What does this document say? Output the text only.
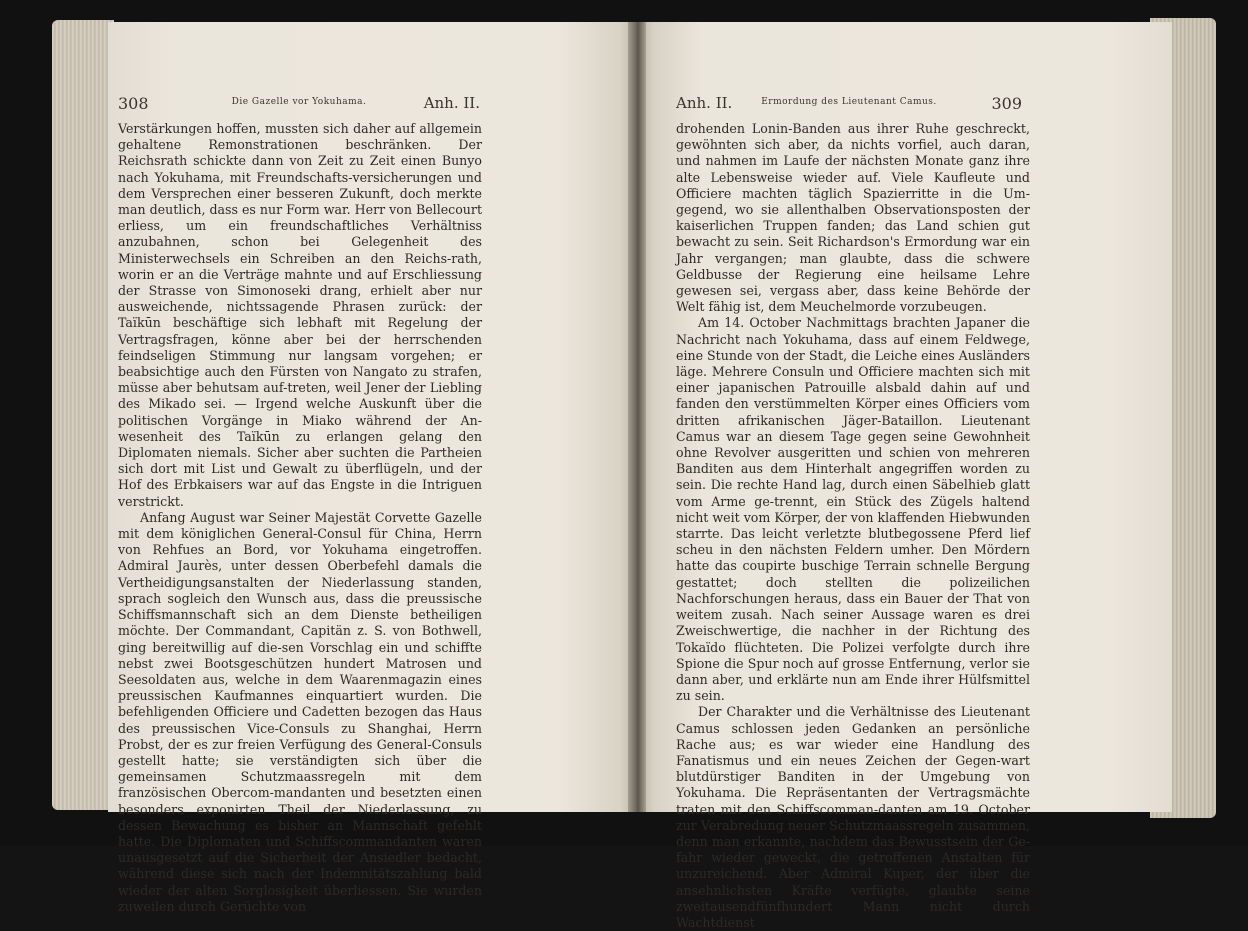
308	Die Gazelle vor Yokuhama.	Anh. II.

Verstärkungen hoffen, mussten sich daher auf allgemein gehaltene Remonstrationen beschränken. Der Reichsrath schickte dann von Zeit zu Zeit einen Bunyo nach Yokuhama, mit Freundschafts-versicherungen und dem Versprechen einer besseren Zukunft, doch merkte man deutlich, dass es nur Form war. Herr von Bellecourt erliess, um ein freundschaftliches Verhältniss anzubahnen, schon bei Gelegenheit des Ministerwechsels ein Schreiben an den Reichs-rath, worin er an die Verträge mahnte und auf Erschliessung der Strasse von Simonoseki drang, erhielt aber nur ausweichende, nichtssagende Phrasen zurück: der Taïkūn beschäftige sich lebhaft mit Regelung der Vertragsfragen, könne aber bei der herrschenden feindseligen Stimmung nur langsam vorgehen; er beabsichtige auch den Fürsten von Nangato zu strafen, müsse aber behutsam auf-treten, weil Jener der Liebling des Mikado sei. — Irgend welche Auskunft über die politischen Vorgänge in Miako während der An-wesenheit des Taïkūn zu erlangen gelang den Diplomaten niemals. Sicher aber suchten die Partheien sich dort mit List und Gewalt zu überflügeln, und der Hof des Erbkaisers war auf das Engste in die Intriguen verstrickt.

Anfang August war Seiner Majestät Corvette Gazelle mit dem königlichen General-Consul für China, Herrn von Rehfues an Bord, vor Yokuhama eingetroffen. Admiral Jaurès, unter dessen Oberbefehl damals die Vertheidigungsanstalten der Niederlassung standen, sprach sogleich den Wunsch aus, dass die preussische Schiffsmannschaft sich an dem Dienste betheiligen möchte. Der Commandant, Capitän z. S. von Bothwell, ging bereitwillig auf die-sen Vorschlag ein und schiffte nebst zwei Bootsgeschützen hundert Matrosen und Seesoldaten aus, welche in dem Waarenmagazin eines preussischen Kaufmannes einquartiert wurden. Die befehligenden Officiere und Cadetten bezogen das Haus des preussischen Vice-Consuls zu Shanghai, Herrn Probst, der es zur freien Verfügung des General-Consuls gestellt hatte; sie verständigten sich über die gemeinsamen Schutzmaassregeln mit dem französischen Obercom-mandanten und besetzten einen besonders exponirten Theil der Niederlassung, zu dessen Bewachung es bisher an Mannschaft gefehlt hatte. Die Diplomaten und Schiffscommandanten waren unausgesetzt auf die Sicherheit der Ansiedler bedacht, während diese sich nach der Indemnitätszahlung bald wieder der alten Sorglosigkeit überliessen. Sie wurden zuweilen durch Gerüchte von

Anh. II.	Ermordung des Lieutenant Camus.	309

drohenden Lonin-Banden aus ihrer Ruhe geschreckt, gewöhnten sich aber, da nichts vorfiel, auch daran, und nahmen im Laufe der nächsten Monate ganz ihre alte Lebensweise wieder auf. Viele Kaufleute und Officiere machten täglich Spazierritte in die Um-gegend, wo sie allenthalben Observationsposten der kaiserlichen Truppen fanden; das Land schien gut bewacht zu sein. Seit Richardson's Ermordung war ein Jahr vergangen; man glaubte, dass die schwere Geldbusse der Regierung eine heilsame Lehre gewesen sei, vergass aber, dass keine Behörde der Welt fähig ist, dem Meuchelmorde vorzubeugen.

Am 14. October Nachmittags brachten Japaner die Nachricht nach Yokuhama, dass auf einem Feldwege, eine Stunde von der Stadt, die Leiche eines Ausländers läge. Mehrere Consuln und Officiere machten sich mit einer japanischen Patrouille alsbald dahin auf und fanden den verstümmelten Körper eines Officiers vom dritten afrikanischen Jäger-Bataillon. Lieutenant Camus war an diesem Tage gegen seine Gewohnheit ohne Revolver ausgeritten und schien von mehreren Banditen aus dem Hinterhalt angegriffen worden zu sein. Die rechte Hand lag, durch einen Säbelhieb glatt vom Arme ge-trennt, ein Stück des Zügels haltend nicht weit vom Körper, der von klaffenden Hiebwunden starrte. Das leicht verletzte blutbegossene Pferd lief scheu in den nächsten Feldern umher. Den Mördern hatte das coupirte buschige Terrain schnelle Bergung gestattet; doch stellten die polizeilichen Nachforschungen heraus, dass ein Bauer der That von weitem zusah. Nach seiner Aussage waren es drei Zweischwertige, die nachher in der Richtung des Tokaïdo flüchteten. Die Polizei verfolgte durch ihre Spione die Spur noch auf grosse Entfernung, verlor sie dann aber, und erklärte nun am Ende ihrer Hülfsmittel zu sein.

Der Charakter und die Verhältnisse des Lieutenant Camus schlossen jeden Gedanken an persönliche Rache aus; es war wieder eine Handlung des Fanatismus und ein neues Zeichen der Gegen-wart blutdürstiger Banditen in der Umgebung von Yokuhama. Die Repräsentanten der Vertragsmächte traten mit den Schiffscomman-danten am 19. October zur Verabredung neuer Schutzmaassregeln zusammen, denn man erkannte, nachdem das Bewusstsein der Ge-fahr wieder geweckt, die getroffenen Anstalten für unzureichend. Aber Admiral Kuper, der über die ansehnlichsten Kräfte verfügte, glaubte seine zweitausendfünfhundert Mann nicht durch Wachtdienst
